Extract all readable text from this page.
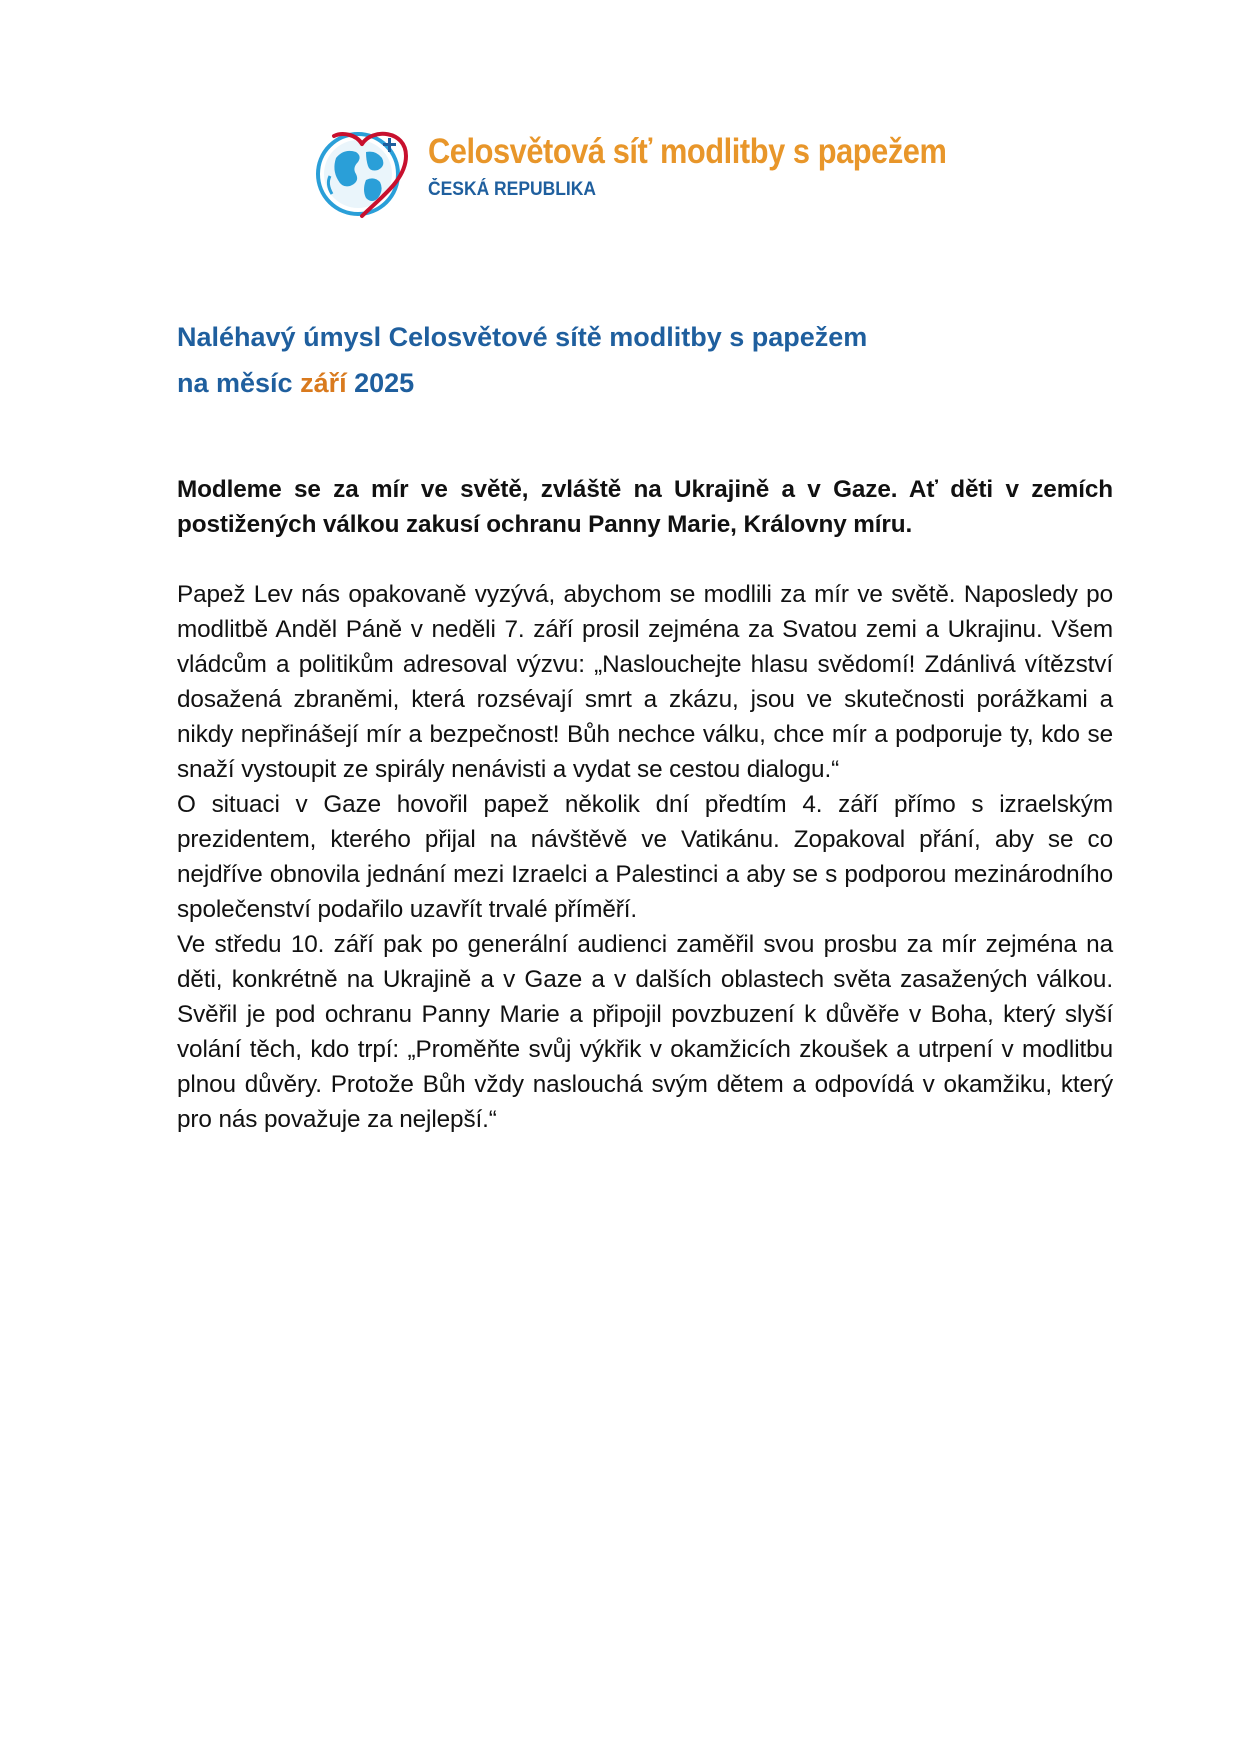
Celosvětová síť modlitby s papežem
ČESKÁ REPUBLIKA
Naléhavý úmysl Celosvětové sítě modlitby s papežem
na měsíc září 2025

Modleme se za mír ve světě, zvláště na Ukrajině a v Gaze. Ať děti v zemích postižených válkou zakusí ochranu Panny Marie, Královny míru.

Papež Lev nás opakovaně vyzývá, abychom se modlili za mír ve světě. Naposledy po modlitbě Anděl Páně v neděli 7. září prosil zejména za Svatou zemi a Ukrajinu. Všem vládcům a politikům adresoval výzvu: „Naslouchejte hlasu svědomí! Zdánlivá vítězství dosažená zbraněmi, která rozsévají smrt a zkázu, jsou ve skutečnosti porážkami a nikdy nepřinášejí mír a bezpečnost! Bůh nechce válku, chce mír a podporuje ty, kdo se snaží vystoupit ze spirály nenávisti a vydat se cestou dialogu.“

O situaci v Gaze hovořil papež několik dní předtím 4. září přímo s izraelským prezidentem, kterého přijal na návštěvě ve Vatikánu. Zopakoval přání, aby se co nejdříve obnovila jednání mezi Izraelci a Palestinci a aby se s podporou mezinárodního společenství podařilo uzavřít trvalé příměří.

Ve středu 10. září pak po generální audienci zaměřil svou prosbu za mír zejména na děti, konkrétně na Ukrajině a v Gaze a v dalších oblastech světa zasažených válkou. Svěřil je pod ochranu Panny Marie a připojil povzbuzení k důvěře v Boha, který slyší volání těch, kdo trpí: „Proměňte svůj výkřik v okamžicích zkoušek a utrpení v modlitbu plnou důvěry. Protože Bůh vždy naslouchá svým dětem a odpovídá v okamžiku, který pro nás považuje za nejlepší.“
